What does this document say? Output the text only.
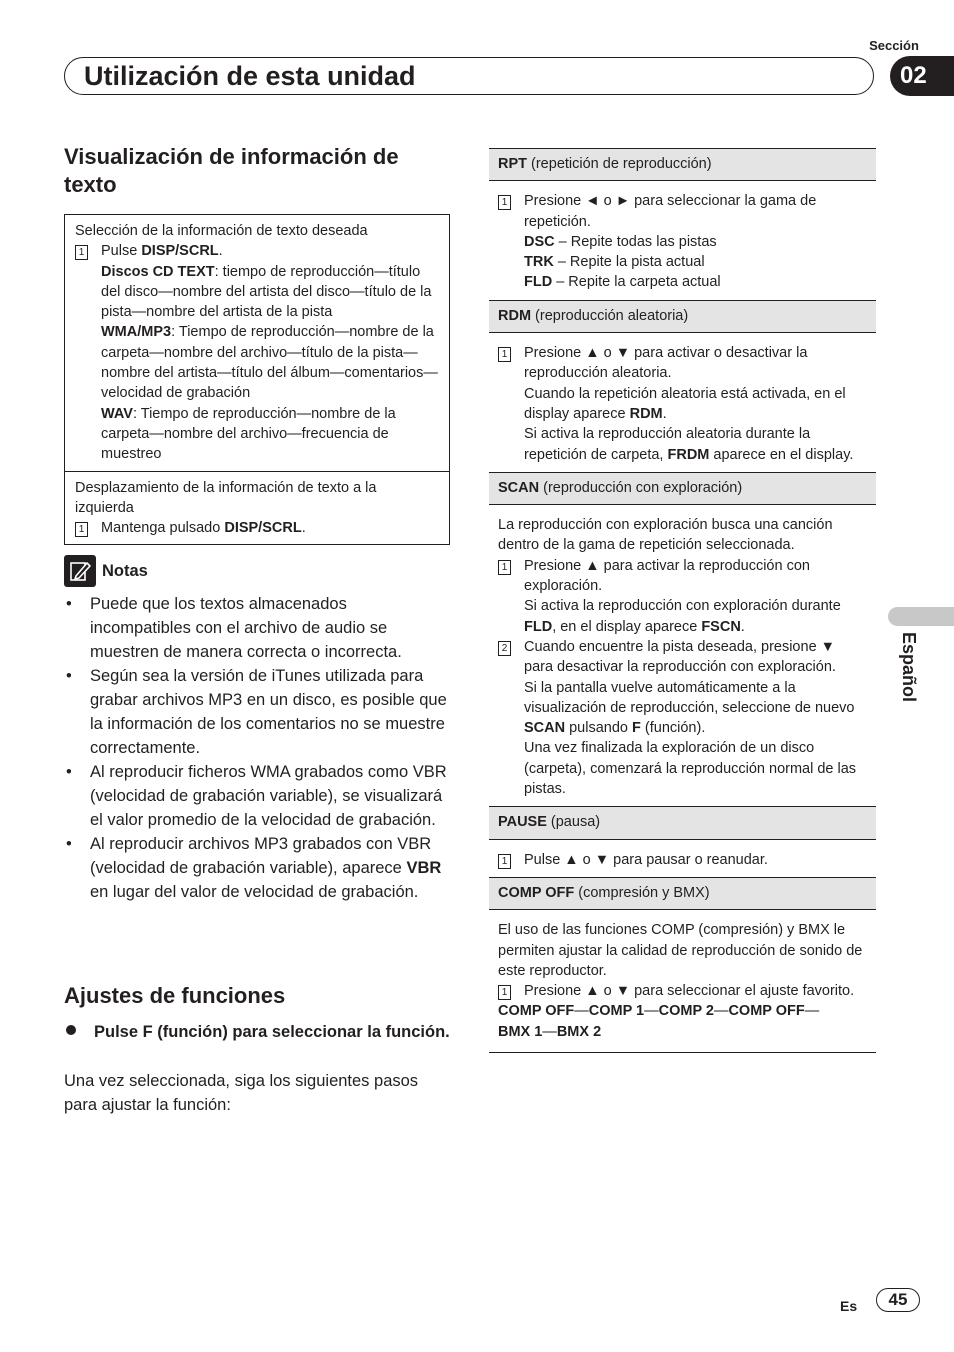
Sección
02
Utilización de esta unidad
Visualización de información de texto
Selección de la información de texto deseada
1	Pulse DISP/SCRL.
Discos CD TEXT: tiempo de reproducción—título del disco—nombre del artista del disco—título de la pista—nombre del artista de la pista
WMA/MP3: Tiempo de reproducción—nombre de la carpeta—nombre del archivo—título de la pista—nombre del artista—título del álbum—comentarios—velocidad de grabación
WAV: Tiempo de reproducción—nombre de la carpeta—nombre del archivo—frecuencia de muestreo
Desplazamiento de la información de texto a la izquierda
1	Mantenga pulsado DISP/SCRL.
Notas
• Puede que los textos almacenados incompatibles con el archivo de audio se muestren de manera correcta o incorrecta.
• Según sea la versión de iTunes utilizada para grabar archivos MP3 en un disco, es posible que la información de los comentarios no se muestre correctamente.
• Al reproducir ficheros WMA grabados como VBR (velocidad de grabación variable), se visualizará el valor promedio de la velocidad de grabación.
• Al reproducir archivos MP3 grabados con VBR (velocidad de grabación variable), aparece VBR en lugar del valor de velocidad de grabación.
Ajustes de funciones
Pulse F (función) para seleccionar la función.
Una vez seleccionada, siga los siguientes pasos para ajustar la función:
RPT (repetición de reproducción)
1	Presione ◄ o ► para seleccionar la gama de repetición.
DSC – Repite todas las pistas
TRK – Repite la pista actual
FLD – Repite la carpeta actual
RDM (reproducción aleatoria)
1	Presione ▲ o ▼ para activar o desactivar la reproducción aleatoria.
Cuando la repetición aleatoria está activada, en el display aparece RDM.
Si activa la reproducción aleatoria durante la repetición de carpeta, FRDM aparece en el display.
SCAN (reproducción con exploración)
La reproducción con exploración busca una canción dentro de la gama de repetición seleccionada.
1	Presione ▲ para activar la reproducción con exploración.
Si activa la reproducción con exploración durante FLD, en el display aparece FSCN.
2	Cuando encuentre la pista deseada, presione ▼ para desactivar la reproducción con exploración.
Si la pantalla vuelve automáticamente a la visualización de reproducción, seleccione de nuevo SCAN pulsando F (función).
Una vez finalizada la exploración de un disco (carpeta), comenzará la reproducción normal de las pistas.
PAUSE (pausa)
1	Pulse ▲ o ▼ para pausar o reanudar.
COMP OFF (compresión y BMX)
El uso de las funciones COMP (compresión) y BMX le permiten ajustar la calidad de reproducción de sonido de este reproductor.
1	Presione ▲ o ▼ para seleccionar el ajuste favorito.
COMP OFF—COMP 1—COMP 2—COMP OFF—
BMX 1—BMX 2
Español
Es	45
